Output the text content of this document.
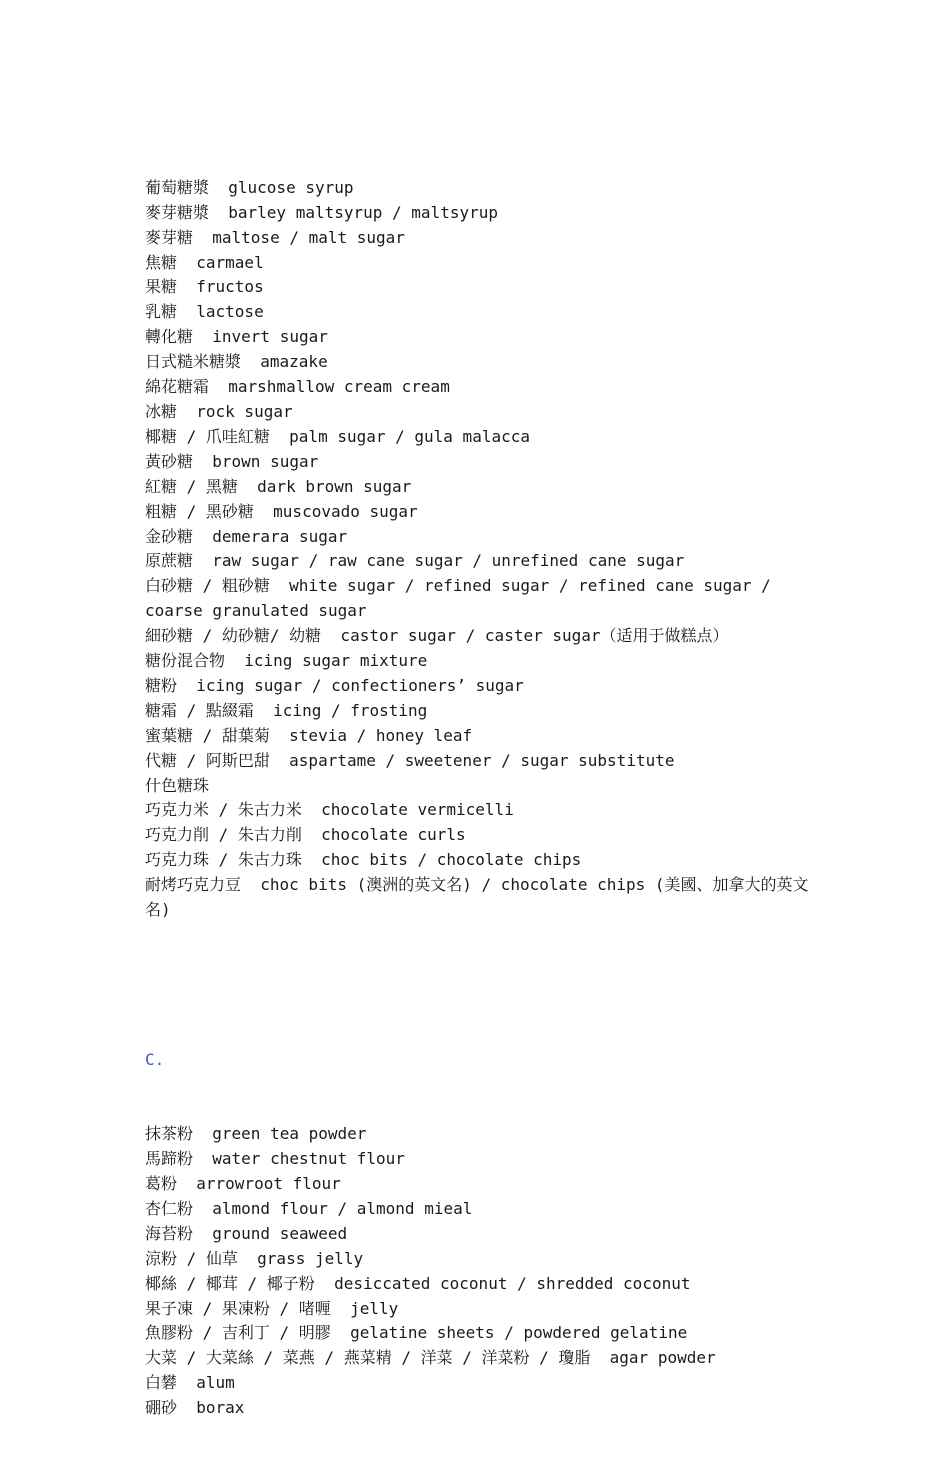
葡萄糖漿  glucose syrup
麥芽糖漿  barley maltsyrup / maltsyrup
麥芽糖  maltose / malt sugar
焦糖  carmael
果糖  fructos
乳糖  lactose
轉化糖  invert sugar
日式糙米糖漿  amazake
綿花糖霜  marshmallow cream cream
冰糖  rock sugar
椰糖 / 爪哇紅糖  palm sugar / gula malacca
黃砂糖  brown sugar
紅糖 / 黑糖  dark brown sugar
粗糖 / 黑砂糖  muscovado sugar
金砂糖  demerara sugar
原蔗糖  raw sugar / raw cane sugar / unrefined cane sugar
白砂糖 / 粗砂糖  white sugar / refined sugar / refined cane sugar / coarse granulated sugar
細砂糖 / 幼砂糖/ 幼糖  castor sugar / caster sugar（适用于做糕点）
糖份混合物  icing sugar mixture
糖粉  icing sugar / confectioners’ sugar
糖霜 / 點綴霜  icing / frosting
蜜葉糖 / 甜葉菊  stevia / honey leaf
代糖 / 阿斯巴甜  aspartame / sweetener / sugar substitute
什色糖珠
巧克力米 / 朱古力米  chocolate vermicelli
巧克力削 / 朱古力削  chocolate curls
巧克力珠 / 朱古力珠  choc bits / chocolate chips
耐烤巧克力豆  choc bits (澳洲的英文名) / chocolate chips (美國、加拿大的英文名)

C.

抹茶粉  green tea powder
馬蹄粉  water chestnut flour
葛粉  arrowroot flour
杏仁粉  almond flour / almond mieal
海苔粉  ground seaweed
涼粉 / 仙草  grass jelly
椰絲 / 椰茸 / 椰子粉  desiccated coconut / shredded coconut
果子凍 / 果凍粉 / 啫喱  jelly
魚膠粉 / 吉利丁 / 明膠  gelatine sheets / powdered gelatine
大菜 / 大菜絲 / 菜燕 / 燕菜精 / 洋菜 / 洋菜粉 / 瓊脂  agar powder
白礬  alum
硼砂  borax
